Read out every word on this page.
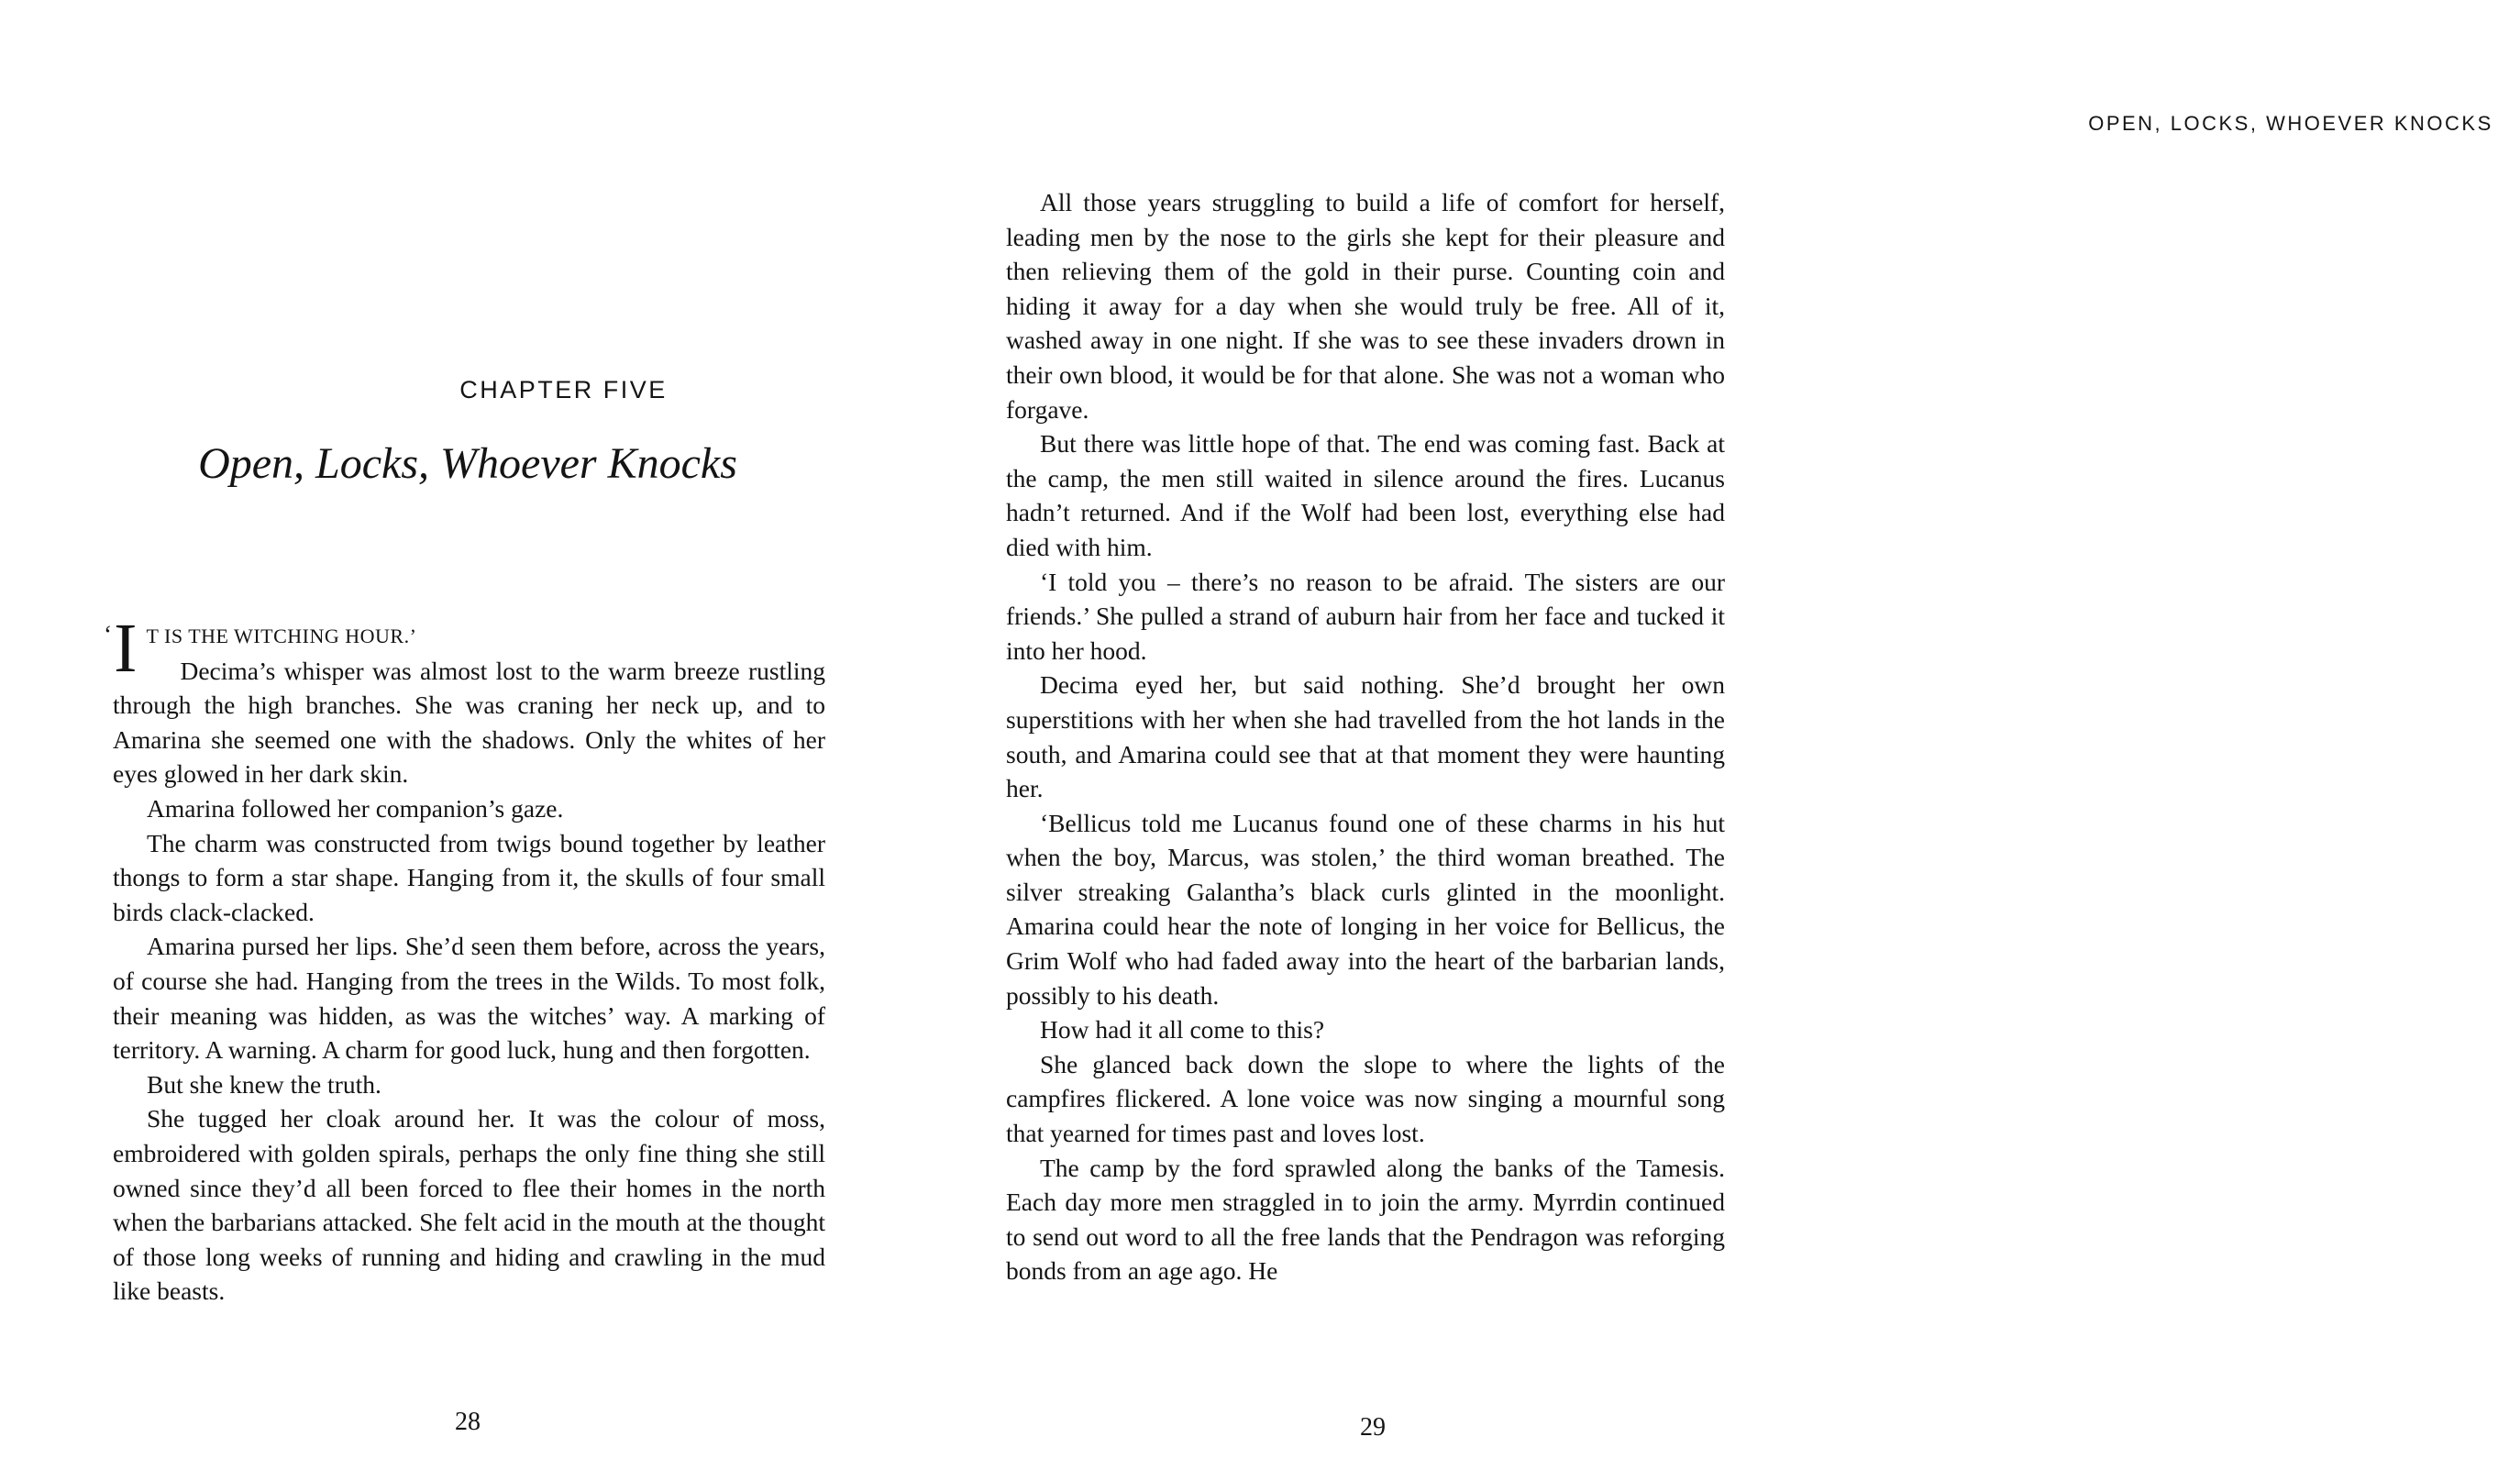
CHAPTER FIVE
Open, Locks, Whoever Knocks

‘ I T IS THE WITCHING HOUR.’

Decima’s whisper was almost lost to the warm breeze rustling through the high branches. She was craning her neck up, and to Amarina she seemed one with the shadows. Only the whites of her eyes glowed in her dark skin.

Amarina followed her companion’s gaze.

The charm was constructed from twigs bound together by leather thongs to form a star shape. Hanging from it, the skulls of four small birds clack-clacked.

Amarina pursed her lips. She’d seen them before, across the years, of course she had. Hanging from the trees in the Wilds. To most folk, their meaning was hidden, as was the witches’ way. A marking of territory. A warning. A charm for good luck, hung and then forgotten.

But she knew the truth.

She tugged her cloak around her. It was the colour of moss, embroidered with golden spirals, perhaps the only fine thing she still owned since they’d all been forced to flee their homes in the north when the barbarians attacked. She felt acid in the mouth at the thought of those long weeks of running and hiding and crawling in the mud like beasts.

28
OPEN, LOCKS, WHOEVER KNOCKS

All those years struggling to build a life of comfort for herself, leading men by the nose to the girls she kept for their pleasure and then relieving them of the gold in their purse. Counting coin and hiding it away for a day when she would truly be free. All of it, washed away in one night. If she was to see these invaders drown in their own blood, it would be for that alone. She was not a woman who forgave.

But there was little hope of that. The end was coming fast. Back at the camp, the men still waited in silence around the fires. Lucanus hadn’t returned. And if the Wolf had been lost, everything else had died with him.

‘I told you – there’s no reason to be afraid. The sisters are our friends.’ She pulled a strand of auburn hair from her face and tucked it into her hood.

Decima eyed her, but said nothing. She’d brought her own superstitions with her when she had travelled from the hot lands in the south, and Amarina could see that at that moment they were haunting her.

‘Bellicus told me Lucanus found one of these charms in his hut when the boy, Marcus, was stolen,’ the third woman breathed. The silver streaking Galantha’s black curls glinted in the moonlight. Amarina could hear the note of longing in her voice for Bellicus, the Grim Wolf who had faded away into the heart of the barbarian lands, possibly to his death.

How had it all come to this?

She glanced back down the slope to where the lights of the campfires flickered. A lone voice was now singing a mournful song that yearned for times past and loves lost.

The camp by the ford sprawled along the banks of the Tamesis. Each day more men straggled in to join the army. Myrrdin continued to send out word to all the free lands that the Pendragon was reforging bonds from an age ago. He

29
